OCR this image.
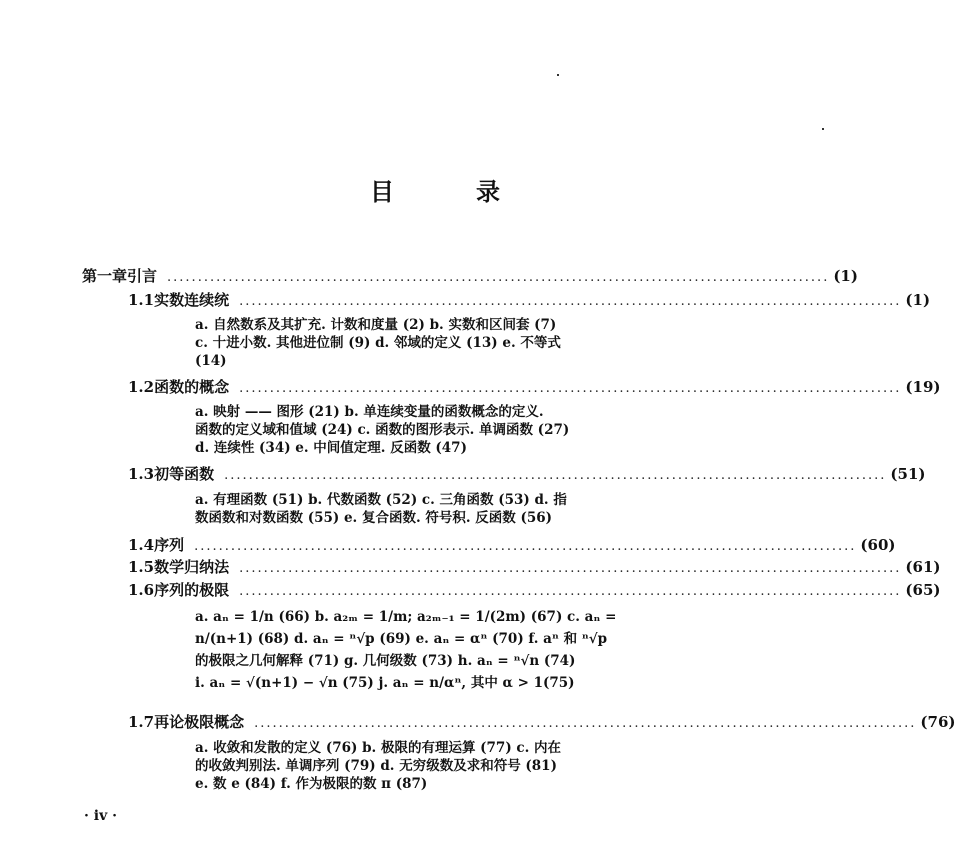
目	录
第一章 引言 ............................................................................................................ (1)
1.1 实数连续统 ............................................................................................................ (1)
a. 自然数系及其扩充. 计数和度量 (2) b. 实数和区间套 (7)
c. 十进小数. 其他进位制 (9) d. 邻域的定义 (13) e. 不等式
(14)
1.2 函数的概念 ............................................................................................................ (19)
a. 映射 —— 图形 (21) b. 单连续变量的函数概念的定义.
函数的定义域和值域 (24) c. 函数的图形表示. 单调函数 (27)
d. 连续性 (34) e. 中间值定理. 反函数 (47)
1.3 初等函数 ............................................................................................................ (51)
a. 有理函数 (51) b. 代数函数 (52) c. 三角函数 (53) d. 指
数函数和对数函数 (55) e. 复合函数. 符号积. 反函数 (56)
1.4 序列 ............................................................................................................ (60)
1.5 数学归纳法 ............................................................................................................ (61)
1.6 序列的极限 ............................................................................................................ (65)
a. aₙ = 1/n (66) b. a₂ₘ = 1/m; a₂ₘ₋₁ = 1/(2m) (67) c. aₙ =
n/(n+1) (68) d. aₙ = ⁿ√p (69) e. aₙ = αⁿ (70) f. aⁿ 和 ⁿ√p
的极限之几何解释 (71) g. 几何级数 (73) h. aₙ = ⁿ√n (74)
i. aₙ = √(n+1) − √n (75) j. aₙ = n/αⁿ, 其中 α > 1(75)
1.7 再论极限概念 ............................................................................................................ (76)
a. 收敛和发散的定义 (76) b. 极限的有理运算 (77) c. 内在
的收敛判别法. 单调序列 (79) d. 无穷级数及求和符号 (81)
e. 数 e (84) f. 作为极限的数 π (87)
· iv ·
